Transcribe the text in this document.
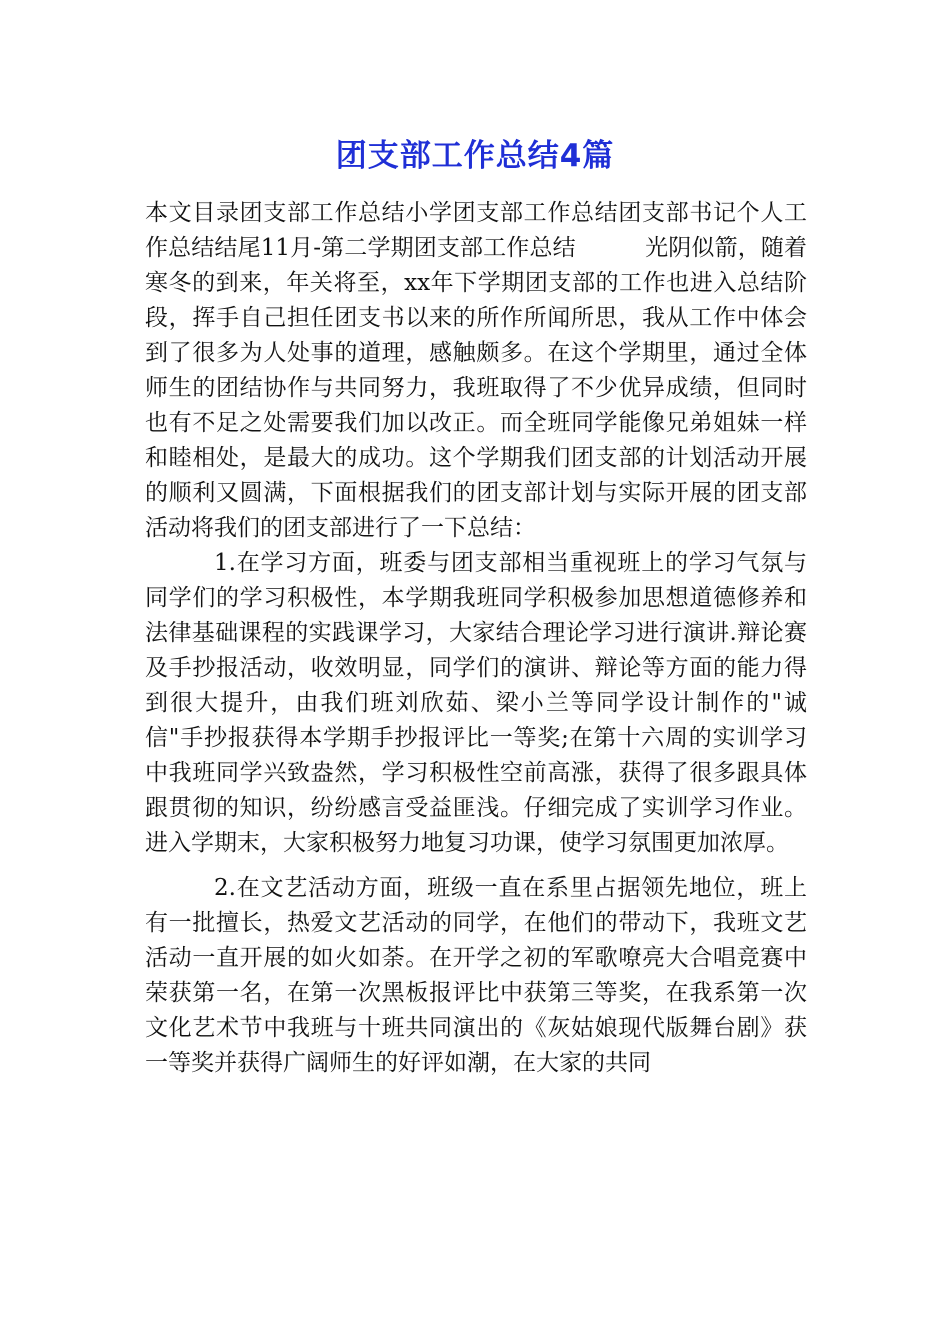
团支部工作总结4篇

本文目录团支部工作总结小学团支部工作总结团支部书记个人工作总结结尾11月-第二学期团支部工作总结　　　光阴似箭，随着寒冬的到来，年关将至，xx年下学期团支部的工作也进入总结阶段，挥手自己担任团支书以来的所作所闻所思，我从工作中体会到了很多为人处事的道理，感触颇多。在这个学期里，通过全体师生的团结协作与共同努力，我班取得了不少优异成绩，但同时也有不足之处需要我们加以改正。而全班同学能像兄弟姐妹一样和睦相处，是最大的成功。这个学期我们团支部的计划活动开展的顺利又圆满，下面根据我们的团支部计划与实际开展的团支部活动将我们的团支部进行了一下总结：

1.在学习方面，班委与团支部相当重视班上的学习气氛与同学们的学习积极性，本学期我班同学积极参加思想道德修养和法律基础课程的实践课学习，大家结合理论学习进行演讲.辩论赛及手抄报活动，收效明显，同学们的演讲、辩论等方面的能力得到很大提升，由我们班刘欣茹、梁小兰等同学设计制作的"诚信"手抄报获得本学期手抄报评比一等奖;在第十六周的实训学习中我班同学兴致盎然，学习积极性空前高涨，获得了很多跟具体跟贯彻的知识，纷纷感言受益匪浅。仔细完成了实训学习作业。进入学期末，大家积极努力地复习功课，使学习氛围更加浓厚。

2.在文艺活动方面，班级一直在系里占据领先地位，班上有一批擅长，热爱文艺活动的同学，在他们的带动下，我班文艺活动一直开展的如火如荼。在开学之初的军歌嘹亮大合唱竞赛中荣获第一名，在第一次黑板报评比中获第三等奖，在我系第一次文化艺术节中我班与十班共同演出的《灰姑娘现代版舞台剧》获一等奖并获得广阔师生的好评如潮，在大家的共同
